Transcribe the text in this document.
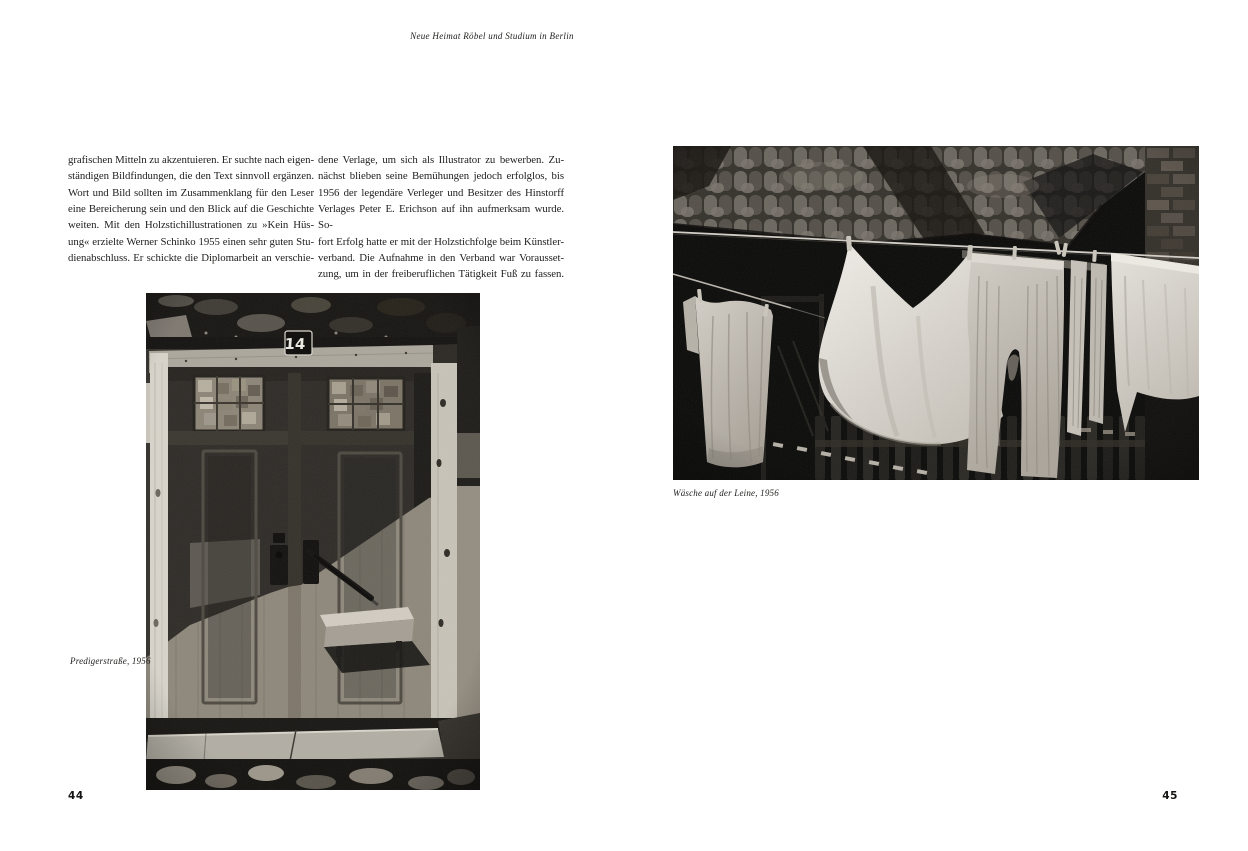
Neue Heimat Röbel und Studium in Berlin
grafischen Mitteln zu akzentuieren. Er suchte nach eigen-
ständigen Bildfindungen, die den Text sinnvoll ergänzen.
Wort und Bild sollten im Zusammenklang für den Leser
eine Bereicherung sein und den Blick auf die Geschichte
weiten. Mit den Holzstichillustrationen zu »Kein Hüs-
ung« erzielte Werner Schinko 1955 einen sehr guten Stu-
dienabschluss. Er schickte die Diplomarbeit an verschie-
dene Verlage, um sich als Illustrator zu bewerben. Zu-
nächst blieben seine Bemühungen jedoch erfolglos, bis
1956 der legendäre Verleger und Besitzer des Hinstorff
Verlages Peter E. Erichson auf ihn aufmerksam wurde. So-
fort Erfolg hatte er mit der Holzstichfolge beim Künstler-
verband. Die Aufnahme in den Verband war Vorausset-
zung, um in der freiberuflichen Tätigkeit Fuß zu fassen.
Predigerstraße, 1956
44
Wäsche auf der Leine, 1956
45
